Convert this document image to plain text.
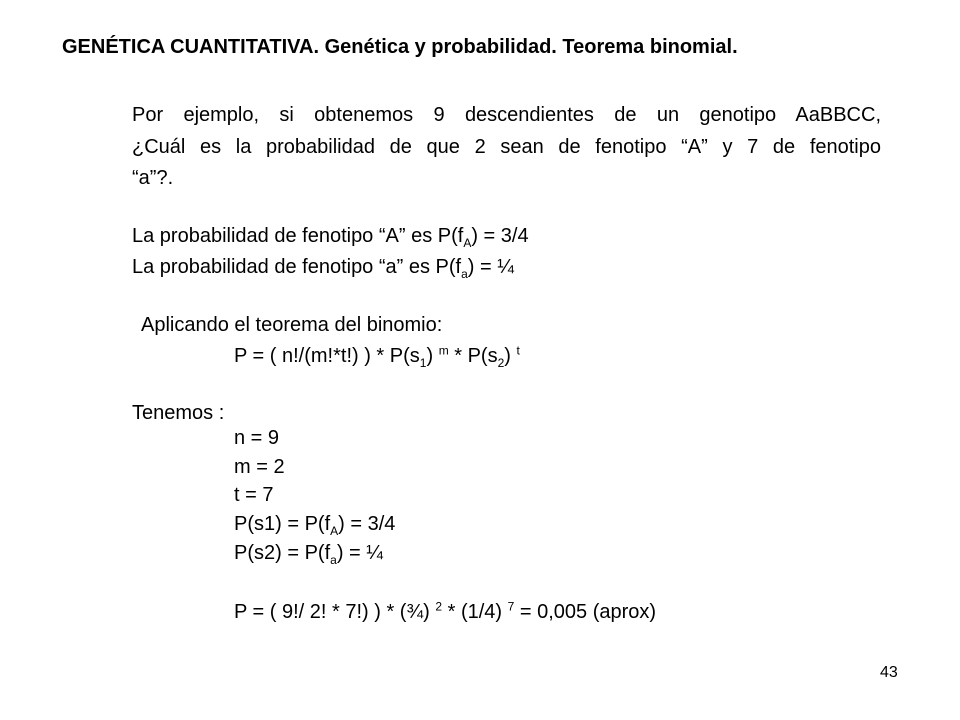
GENÉTICA CUANTITATIVA. Genética y probabilidad. Teorema binomial.
Por ejemplo, si obtenemos 9 descendientes de un genotipo AaBBCC,
¿Cuál es la probabilidad de que 2 sean de fenotipo “A” y 7 de fenotipo
“a”?.
La probabilidad de fenotipo “A” es $P(f_A) = 3/4$
La probabilidad de fenotipo “a” es $P(f_a)$ = ¼
Aplicando el teorema del binomio:
P = ( n!/(m!*t!) ) * $P(s_1)$ $^m * P(s_2)$ $^t$
Tenemos :
n = 9
m = 2
t = 7
$P(s1) = P(f_A) = 3/4$
$P(s2) = P(f_a)$ = ¼
P = ( 9!/ 2! * 7!) ) * (¾) $^2$ * (1/4) $^7$ = 0,005 (aprox)
43
